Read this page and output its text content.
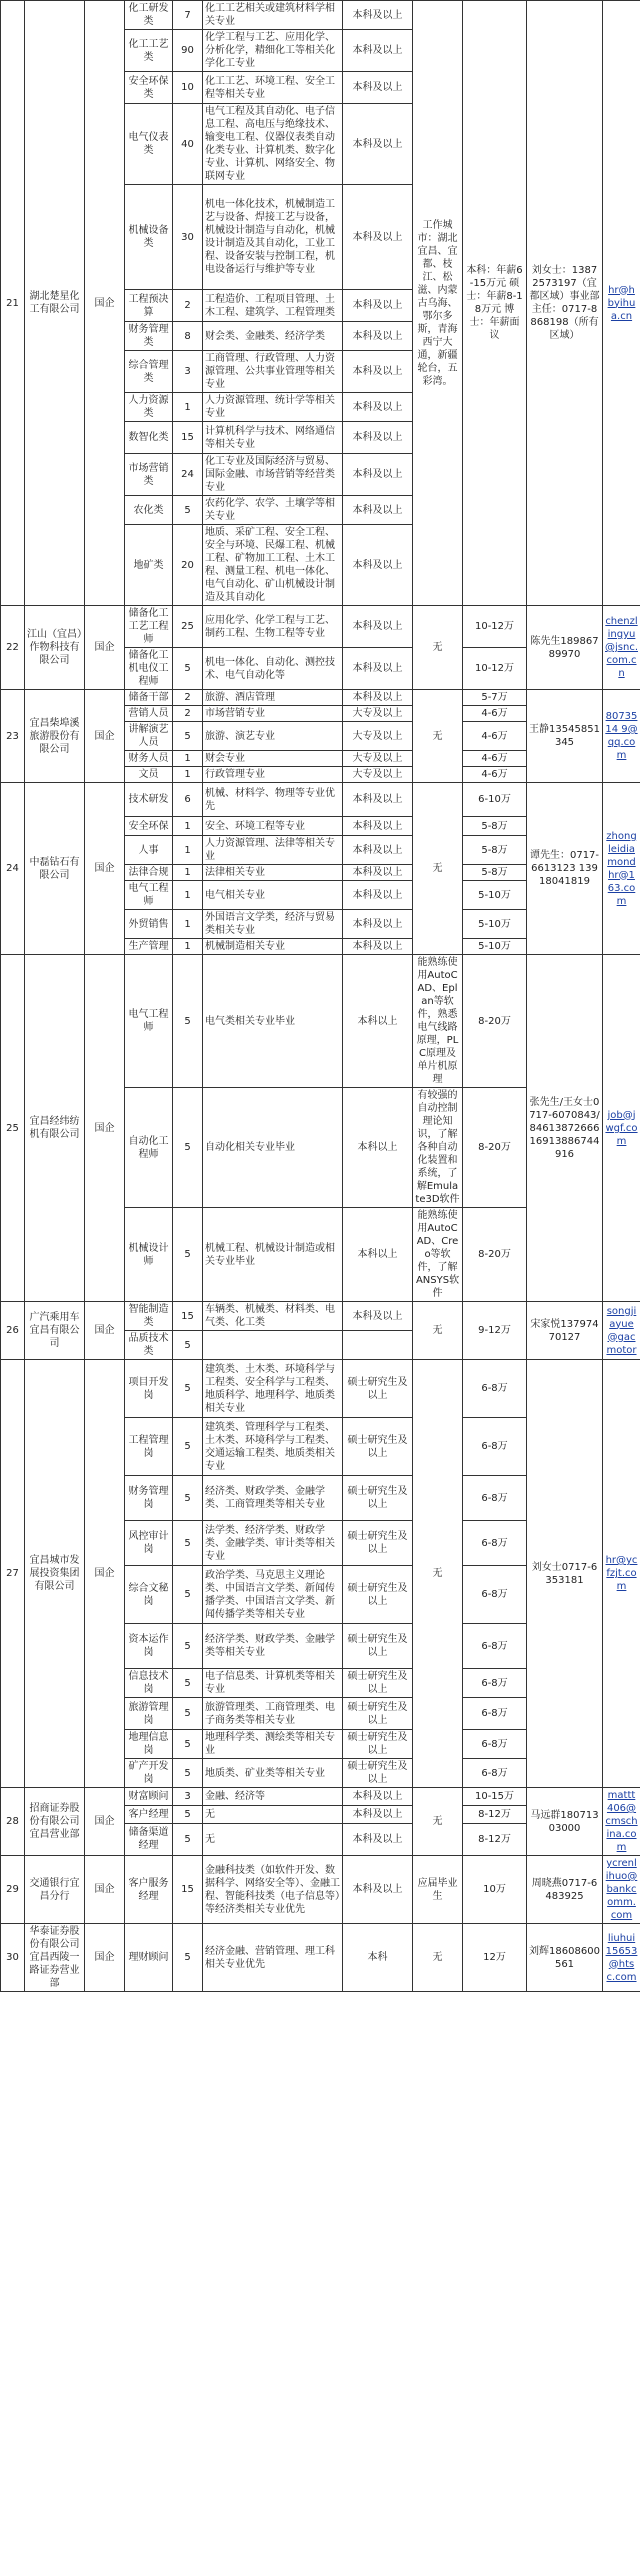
21	湖北楚星化工有限公司	国企	化工研发类	7	化工工艺相关或建筑材料学相关专业	本科及以上	工作城市：湖北宜昌、宜都、枝江、松滋、内蒙古乌海、鄂尔多斯，青海西宁大通，新疆轮台，五彩湾。	本科：年薪6-15万元 硕士：年薪8-18万元 博士：年薪面议	刘女士：13872573197（宜都区域）事业部主任：0717-8868198（所有区域）	hr@hbyihua.cn
			化工工艺类	90	化学工程与工艺、应用化学、分析化学，精细化工等相关化学化工专业	本科及以上				
			安全环保类	10	化工工艺、环境工程、安全工程等相关专业	本科及以上				
			电气仪表类	40	电气工程及其自动化、电子信息工程、高电压与绝缘技术、输变电工程、仪器仪表类自动化类专业、计算机类、数字化专业、计算机、网络安全、物联网专业	本科及以上				
			机械设备类	30	机电一体化技术，机械制造工艺与设备、焊接工艺与设备，机械设计制造与自动化，机械设计制造及其自动化，工业工程、设备安装与控制工程，机电设备运行与维护等专业	本科及以上				
			工程预决算	2	工程造价、工程项目管理、土木工程、建筑学、工程管理类	本科及以上				
			财务管理类	8	财会类、金融类、经济学类	本科及以上				
			综合管理类	3	工商管理、行政管理、人力资源管理、公共事业管理等相关专业	本科及以上				
			人力资源类	1	人力资源管理、统计学等相关专业	本科及以上				
			数智化类	15	计算机科学与技术、网络通信等相关专业	本科及以上				
			市场营销类	24	化工专业及国际经济与贸易、国际金融、市场营销等经营类专业	本科及以上				
			农化类	5	农药化学、农学、土壤学等相关专业	本科及以上				
			地矿类	20	地质、采矿工程、安全工程、安全与环境、民爆工程、机械工程、矿物加工工程、土木工程、测量工程、机电一体化、电气自动化、矿山机械设计制造及其自动化	本科及以上				
22	江山（宜昌）作物科技有限公司	国企	储备化工工艺工程师	25	应用化学、化学工程与工艺、制药工程、生物工程等专业	本科及以上	无	10-12万	陈先生18986789970	chenzlingyu@jsnc.com.cn
			储备化工机电仪工程师	5	机电一体化、自动化、测控技术、电气自动化等	本科及以上		10-12万		
23	宜昌柴埠溪旅游股份有限公司	国企	储备干部	2	旅游、酒店管理	本科及以上	无	5-7万	王静13545851345	8073514 9@qq.com
			营销人员	2	市场营销专业	大专及以上		4-6万		
			讲解演艺人员	5	旅游、演艺专业	大专及以上		4-6万		
			财务人员	1	财会专业	大专及以上		4-6万		
			文员	1	行政管理专业	大专及以上		4-6万		
24	中磊钻石有限公司	国企	技术研发	6	机械、材料学、物理等专业优先	本科及以上	无	6-10万	谭先生：0717-6613123 13918041819	zhongleidiamondhr@163.com
			安全环保	1	安全、环境工程等专业	本科及以上		5-8万		
			人事	1	人力资源管理、法律等相关专业	本科及以上		5-8万		
			法律合规	1	法律相关专业	本科及以上		5-8万		
			电气工程师	1	电气相关专业	本科及以上		5-10万		
			外贸销售	1	外国语言文学类，经济与贸易类相关专业	本科及以上		5-10万		
			生产管理	1	机械制造相关专业	本科及以上		5-10万		
25	宜昌经纬纺机有限公司	国企	电气工程师	5	电气类相关专业毕业	本科以上	能熟练使用AutoCAD、Eplan等软件，熟悉电气线路原理，PLC原理及单片机原理	8-20万	张先生/王女士0717-6070843/8461387266616913886744916	job@jwgf.com
			自动化工程师	5	自动化相关专业毕业	本科以上	有较强的自动控制理论知识，了解各种自动化装置和系统，了解Emulate3D软件	8-20万		
			机械设计师	5	机械工程、机械设计制造或相关专业毕业	本科以上	能熟练使用AutoCAD、Creo等软件，了解ANSYS软件	8-20万		
26	广汽乘用车宜昌有限公司	国企	智能制造类	15	车辆类、机械类、材料类、电气类、化工类	本科及以上	无	9-12万	宋家悦13797470127	songjiayue@gacmotor
			品质技术类	5						
27	宜昌城市发展投资集团有限公司	国企	项目开发岗	5	建筑类、土木类、环境科学与工程类、安全科学与工程类、地质科学、地理科学、地质类相关专业	硕士研究生及以上	无	6-8万	刘女士0717-6353181	hr@ycfzjt.com
			工程管理岗	5	建筑类、管理科学与工程类、土木类、环境科学与工程类、交通运输工程类、地质类相关专业	硕士研究生及以上		6-8万		
			财务管理岗	5	经济类、财政学类、金融学类、工商管理类等相关专业	硕士研究生及以上		6-8万		
			风控审计岗	5	法学类、经济学类、财政学类、金融学类、审计类等相关专业	硕士研究生及以上		6-8万		
			综合文秘岗	5	政治学类、马克思主义理论类、中国语言文学类、新闻传播学类、中国语言文学类、新闻传播学类等相关专业	硕士研究生及以上		6-8万		
			资本运作岗	5	经济学类、财政学类、金融学类等相关专业	硕士研究生及以上		6-8万		
			信息技术岗	5	电子信息类、计算机类等相关专业	硕士研究生及以上		6-8万		
			旅游管理岗	5	旅游管理类、工商管理类、电子商务类等相关专业	硕士研究生及以上		6-8万		
			地理信息岗	5	地理科学类、测绘类等相关专业	硕士研究生及以上		6-8万		
			矿产开发岗	5	地质类、矿业类等相关专业	硕士研究生及以上		6-8万		
28	招商证券股份有限公司宜昌营业部	国企	财富顾问	3	金融、经济等	本科及以上	无	10-15万	马远群18071303000	mattt406@cmschina.com
			客户经理	5	无	本科及以上		8-12万		
			储备渠道经理	5	无	本科及以上		8-12万		
29	交通银行宜昌分行	国企	客户服务经理	15	金融科技类（如软件开发、数据科学、网络安全等）、金融工程、智能科技类（电子信息等）等经济类相关专业优先	本科及以上	应届毕业生	10万	周晓燕0717-6483925	ycrenlihuo@bankcomm.com
30	华泰证券股份有限公司宜昌西陵一路证券营业部	国企	理财顾问	5	经济金融、营销管理、理工科相关专业优先	本科	无	12万	刘辉18608600561	liuhui15653@htsc.com
